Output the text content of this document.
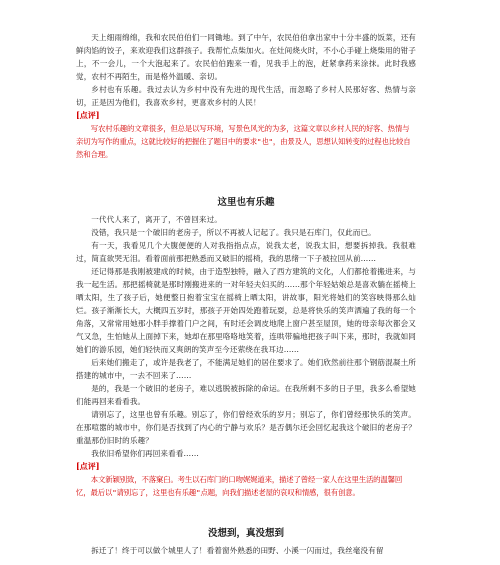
天上细雨绵绵，我和农民伯伯们一同锄地。到了中午，农民伯伯拿出家中十分丰盛的饭菜，还有鲜肉馅的饺子，来欢迎我们这群孩子。我帮忙点柴加火。在灶间烧火时，不小心手碰上烧柴用的钳子上，不一会儿，一个大泡起来了。农民伯伯跑来一看，见我手上的泡，赶紧拿药来涂抹。此时我感觉，农村不再陌生，而是格外温暖、亲切。

乡村也有乐趣。我过去认为乡村中没有先进的现代生活，而忽略了乡村人民那好客、热情与亲切，正是因为他们，我喜欢乡村，更喜欢乡村的人民！

[点评]

写农村乐趣的文章很多，但总是以写环境，写景色风光的为多，这篇文章以乡村人民的好客、热情与亲切为写作的重点，这就比较好的把握住了题目中的要求"也"，由景及人，思想认知转变的过程也比较自然和合理。

这里也有乐趣

一代代人来了，离开了，不曾回来过。

没错，我只是一个破旧的老房子，所以不再被人记起了。我只是石库门，仅此而已。

有一天，我看见几个大腹便便的人对我指指点点，说我太老，说我太旧，想要拆掉我。我很难过，简直欲哭无泪。看着面前那把熟悉而又破旧的摇椅，我的思绪一下子被拉回从前……

还记得那是我刚被建成的时候，由于造型独特，融入了西方建筑的文化，人们都抢着搬进来，与我一起生活。那把摇椅就是那时刚搬进来的一对年轻夫妇买的……那个年轻姑娘总是喜欢躺在摇椅上晒太阳，生了孩子后，她便整日抱着宝宝在摇椅上晒太阳，讲故事，阳光将她们的笑容映得那么灿烂。孩子渐渐长大，大概四五岁时，那孩子开始四处跑着玩耍，总是将快乐的笑声洒遍了我的每一个角落，又常常用她那小胖手撑着门户之间，有时还会调皮地爬上窗户甚至屋顶，她的母亲每次都会又气又急，生怕她从上面掉下来，她却在那里咯咯地笑着，连哄带骗地把孩子叫下来，那时，我就如同她们的游乐园，她们轻快而又爽朗的笑声至今还萦绕在我耳边……

后来她们搬走了，或许是我老了，不能满足她们的居住要求了。她们欣然前往那个钢筋混凝土所搭建的城市中，一去不回来了……

是的，我是一个破旧的老房子，难以逃脱被拆除的命运。在我所剩不多的日子里，我多么希望她们能再回来看看我。

请别忘了，这里也曾有乐趣。别忘了，你们曾经欢乐的岁月；别忘了，你们曾经那快乐的笑声。在那喧嚣的城市中，你们是否找到了内心的宁静与欢乐？是否偶尔还会回忆起我这个破旧的老房子？重温那份旧时的乐趣？

我依旧希望你们再回来看看……

[点评]

本文新颖别致，不落窠臼。考生以石库门的口吻娓娓道来，描述了曾经一家人在这里生活的温馨回忆，最后以"请别忘了，这里也有乐趣"点题，向我们描述老屋的哀叹和情感，很有创意。

没想到，真没想到

拆迁了！终于可以做个城里人了！看着窗外熟悉的田野、小溪一闪而过，我丝毫没有留
